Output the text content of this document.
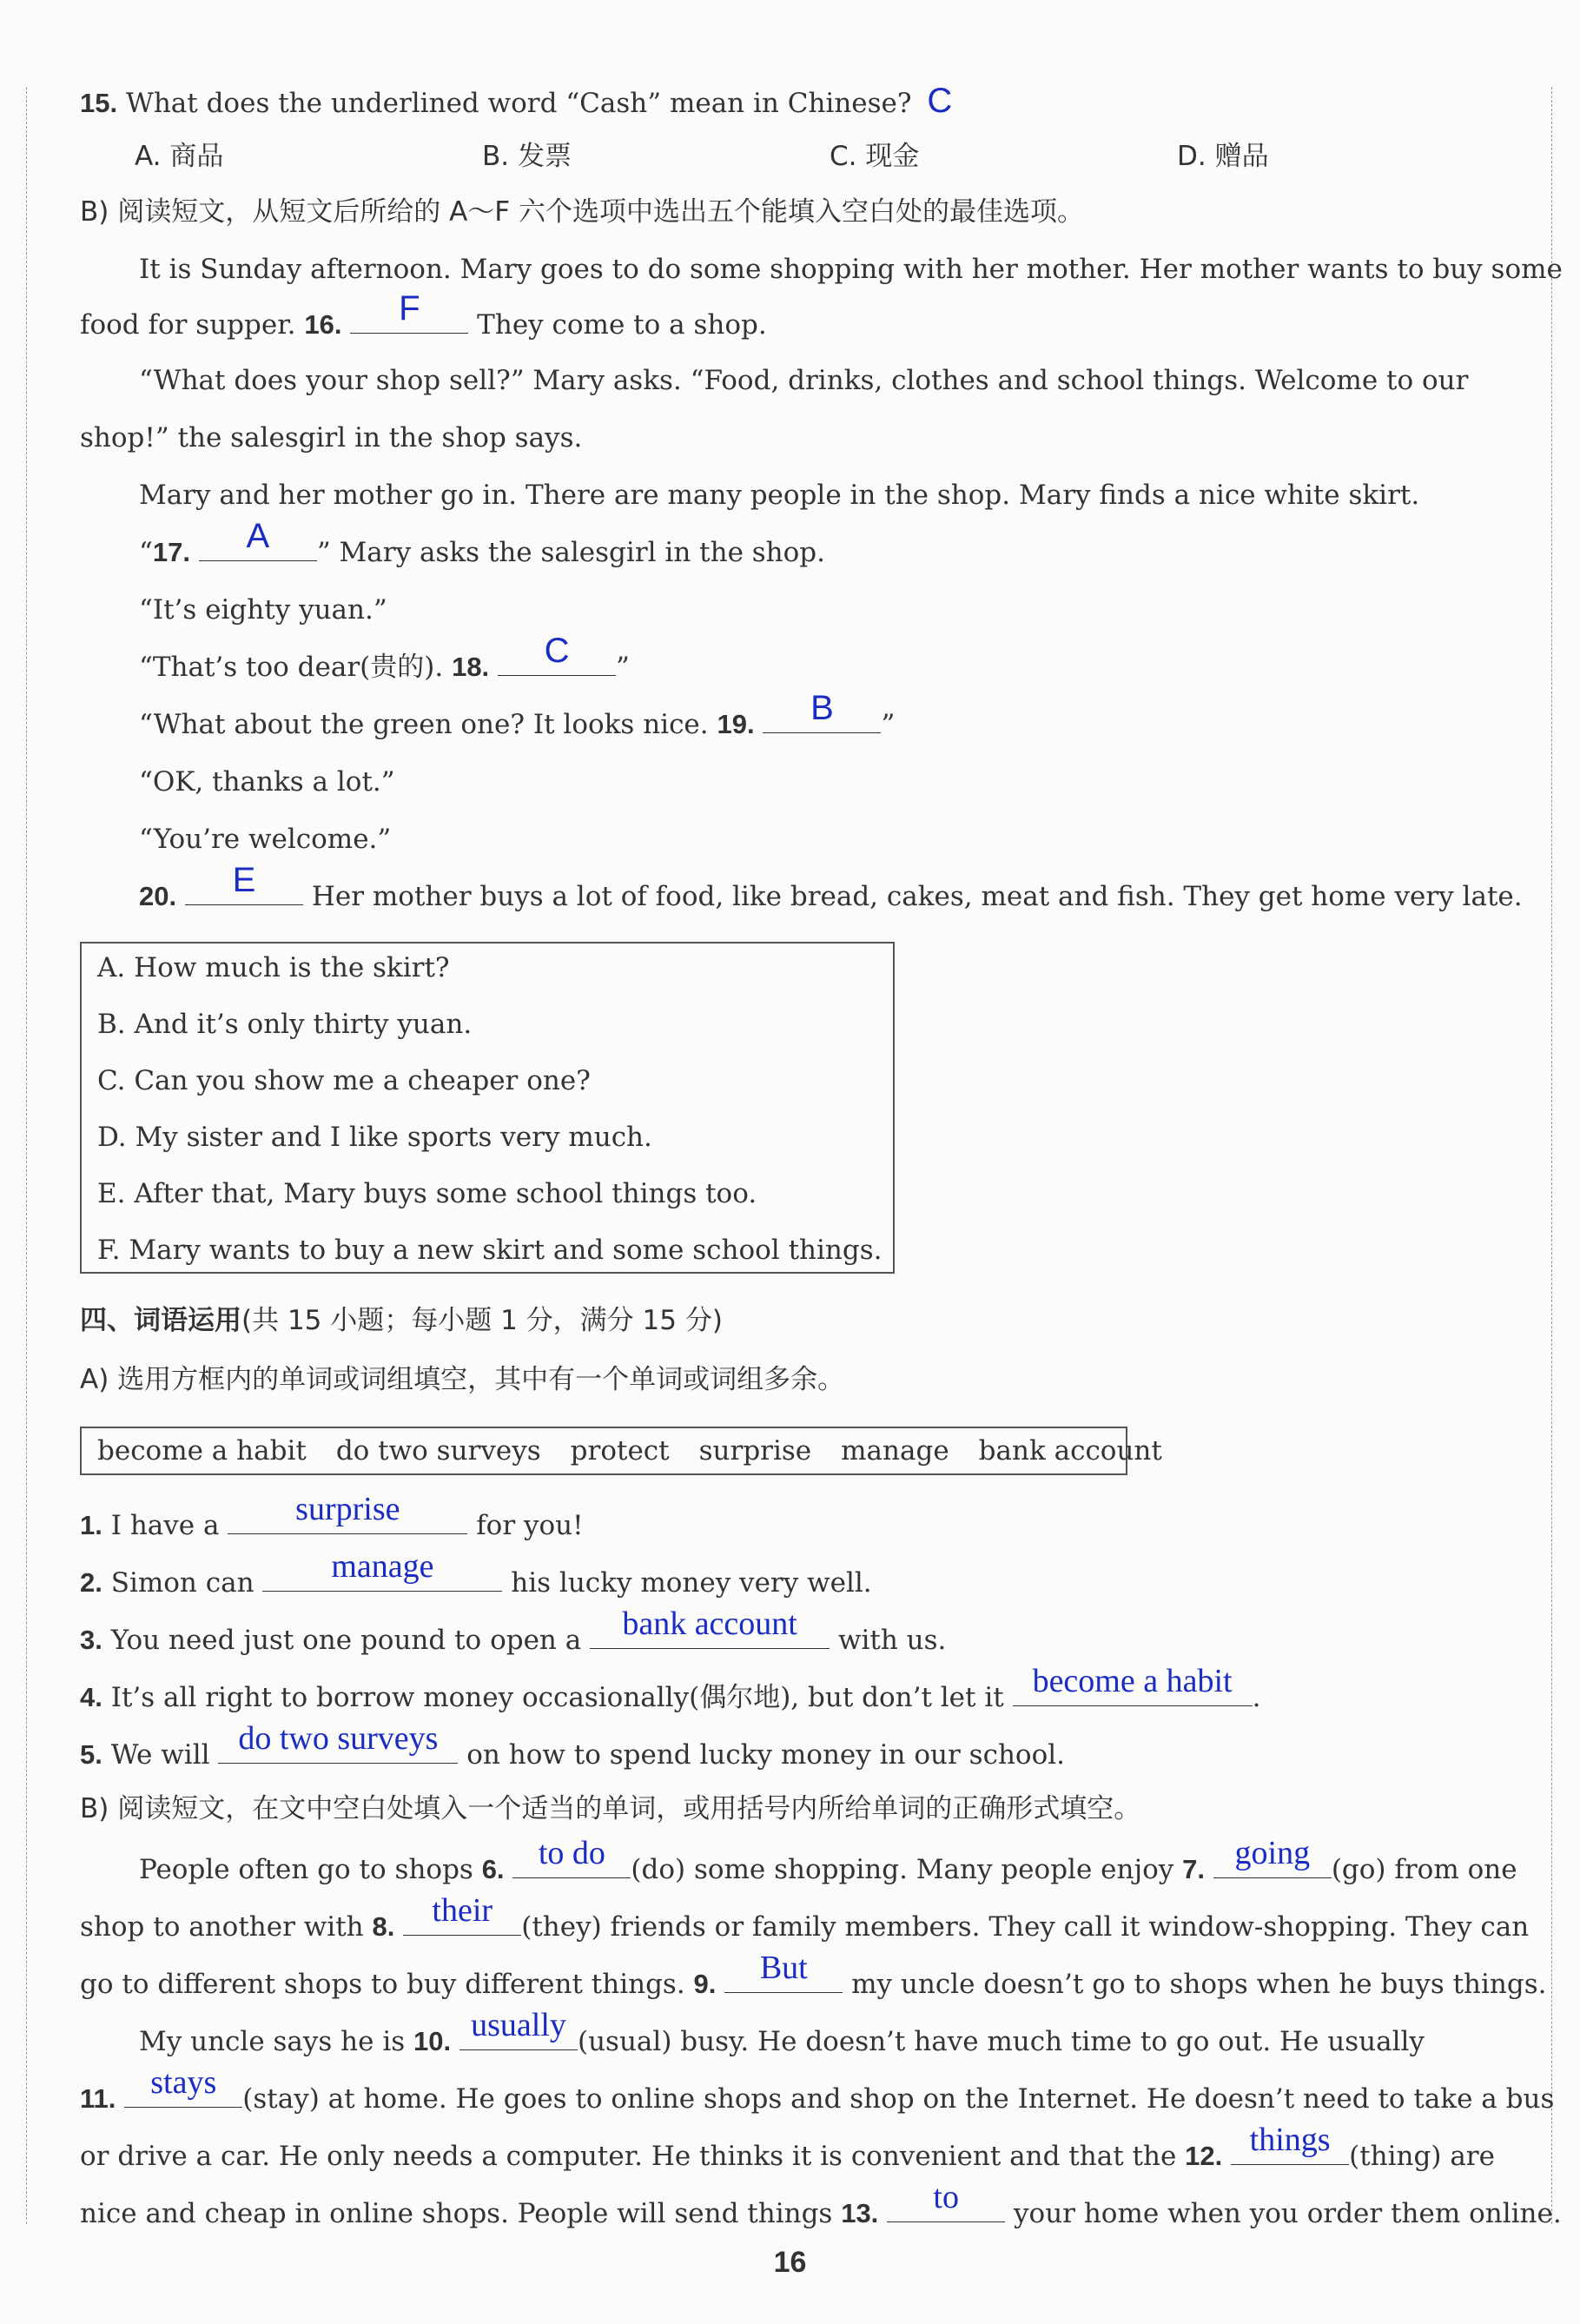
15. What does the underlined word “Cash” mean in Chinese? C
A. 商品	B. 发票	C. 现金	D. 赠品
B) 阅读短文，从短文后所给的 A～F 六个选项中选出五个能填入空白处的最佳选项。
It is Sunday afternoon. Mary goes to do some shopping with her mother. Her mother wants to buy some
food for supper. 16.	F	They come to a shop.
“What does your shop sell?” Mary asks. “Food, drinks, clothes and school things. Welcome to our
shop!” the salesgirl in the shop says.
Mary and her mother go in. There are many people in the shop. Mary finds a nice white skirt.
“17.	A	” Mary asks the salesgirl in the shop.
“It’s eighty yuan.”
“That’s too dear(贵的). 18.	C	”
“What about the green one? It looks nice. 19.	B	”
“OK, thanks a lot.”
“You’re welcome.”
20.	E	Her mother buys a lot of food, like bread, cakes, meat and fish. They get home very late.
A. How much is the skirt?
B. And it’s only thirty yuan.
C. Can you show me a cheaper one?
D. My sister and I like sports very much.
E. After that, Mary buys some school things too.
F. Mary wants to buy a new skirt and some school things.
四、词语运用(共 15 小题；每小题 1 分，满分 15 分)
A) 选用方框内的单词或词组填空，其中有一个单词或词组多余。
become a habit do two surveys protect surprise manage bank account
1. I have a	surprise	for you!
2. Simon can	manage	his lucky money very well.
3. You need just one pound to open a	bank account	with us.
4. It’s all right to borrow money occasionally(偶尔地), but don’t let it become a habit .
5. We will do two surveys	on how to spend lucky money in our school.
B) 阅读短文，在文中空白处填入一个适当的单词，或用括号内所给单词的正确形式填空。
People often go to shops 6.	to do (do) some shopping. Many people enjoy 7. going (go) from one
shop to another with 8.	their	(they) friends or family members. They call it window-shopping. They can
go to different shops to buy different things. 9.	But	my uncle doesn’t go to shops when he buys things.
My uncle says he is 10. usually (usual) busy. He doesn’t have much time to go out. He usually
11.	stays (stay) at home. He goes to online shops and shop on the Internet. He doesn’t need to take a bus
or drive a car. He only needs a computer. He thinks it is convenient and that the 12. things (thing) are
nice and cheap in online shops. People will send things 13.	to	your home when you order them online.
16
